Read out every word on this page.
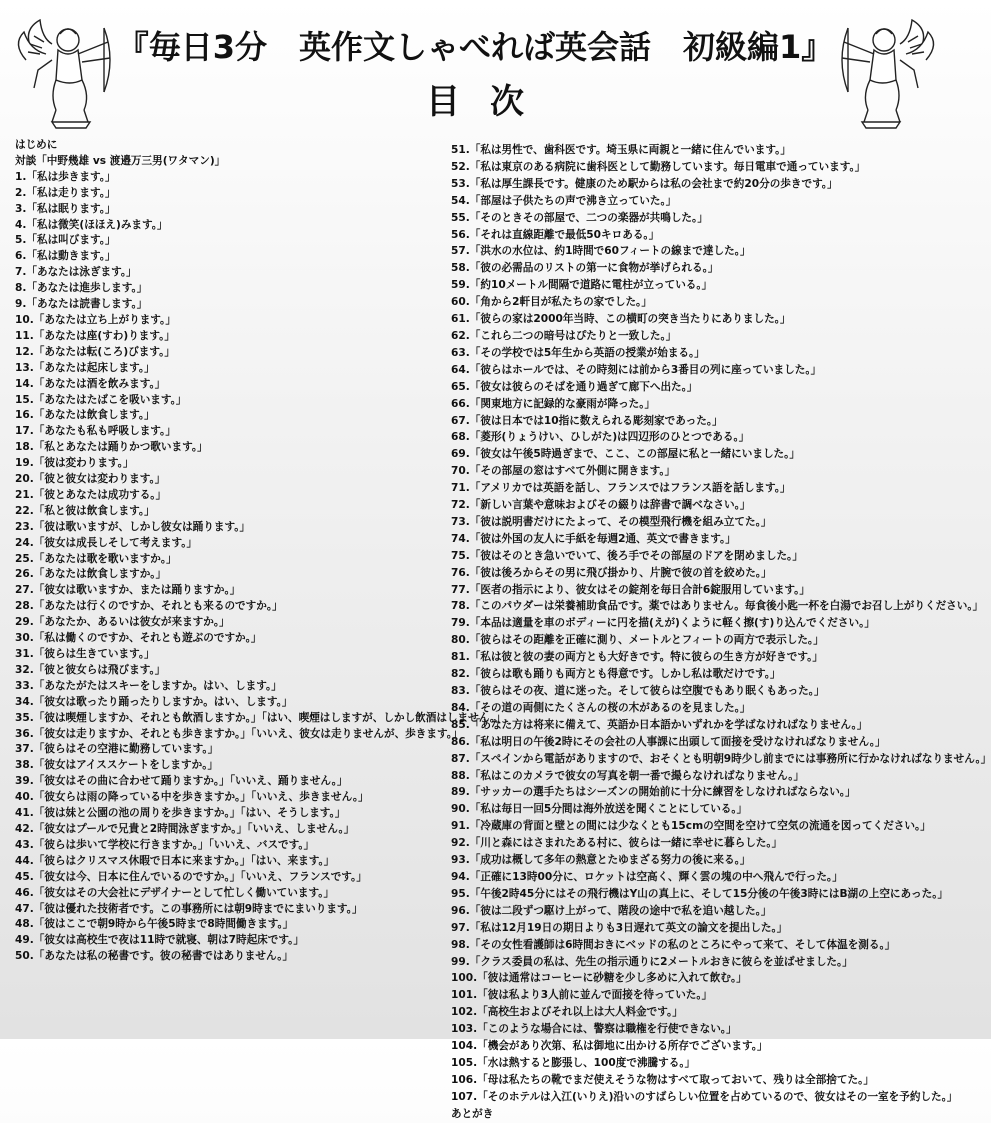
『毎日3分　英作文しゃべれば英会話　初級編1』
目次
はじめに
対談「中野幾雄 vs 渡邉万三男(ワタマン)」
1.「私は歩きます。」
2.「私は走ります。」
3.「私は眠ります。」
4.「私は微笑(ほほえ)みます。」
5.「私は叫びます。」
6.「私は動きます。」
7.「あなたは泳ぎます。」
8.「あなたは進歩します。」
9.「あなたは読書します。」
10.「あなたは立ち上がります。」
11.「あなたは座(すわ)ります。」
12.「あなたは転(ころ)びます。」
13.「あなたは起床します。」
14.「あなたは酒を飲みます。」
15.「あなたはたばこを吸います。」
16.「あなたは飲食します。」
17.「あなたも私も呼吸します。」
18.「私とあなたは踊りかつ歌います。」
19.「彼は変わります。」
20.「彼と彼女は変わります。」
21.「彼とあなたは成功する。」
22.「私と彼は飲食します。」
23.「彼は歌いますが、しかし彼女は踊ります。」
24.「彼女は成長しそして考えます。」
25.「あなたは歌を歌いますか。」
26.「あなたは飲食しますか。」
27.「彼女は歌いますか、または踊りますか。」
28.「あなたは行くのですか、それとも来るのですか。」
29.「あなたか、あるいは彼女が来ますか。」
30.「私は働くのですか、それとも遊ぶのですか。」
31.「彼らは生きています。」
32.「彼と彼女らは飛びます。」
33.「あなたがたはスキーをしますか。はい、します。」
34.「彼女は歌ったり踊ったりしますか。はい、します。」
35.「彼は喫煙しますか、それとも飲酒しますか。」「はい、喫煙はしますが、しかし飲酒はしません。」
36.「彼女は走りますか、それとも歩きますか。」「いいえ、彼女は走りませんが、歩きます。」
37.「彼らはその空港に勤務しています。」
38.「彼女はアイススケートをしますか。」
39.「彼女はその曲に合わせて踊りますか。」「いいえ、踊りません。」
40.「彼女らは雨の降っている中を歩きますか。」「いいえ、歩きません。」
41.「彼は妹と公園の池の周りを歩きますか。」「はい、そうします。」
42.「彼女はプールで兄貴と2時間泳ぎますか。」「いいえ、しません。」
43.「彼らは歩いて学校に行きますか。」「いいえ、バスです。」
44.「彼らはクリスマス休暇で日本に来ますか。」「はい、来ます。」
45.「彼女は今、日本に住んでいるのですか。」「いいえ、フランスです。」
46.「彼女はその大会社にデザイナーとして忙しく働いています。」
47.「彼は優れた技術者です。この事務所には朝9時までにまいります。」
48.「彼はここで朝9時から午後5時まで8時間働きます。」
49.「彼女は高校生で夜は11時で就寝、朝は7時起床です。」
50.「あなたは私の秘書です。彼の秘書ではありません。」
51.「私は男性で、歯科医です。埼玉県に両親と一緒に住んでいます。」
52.「私は東京のある病院に歯科医として勤務しています。毎日電車で通っています。」
53.「私は厚生課長です。健康のため駅からは私の会社まで約20分の歩きです。」
54.「部屋は子供たちの声で沸き立っていた。」
55.「そのときその部屋で、二つの楽器が共鳴した。」
56.「それは直線距離で最低50キロある。」
57.「洪水の水位は、約1時間で60フィートの線まで達した。」
58.「彼の必需品のリストの第一に食物が挙げられる。」
59.「約10メートル間隔で道路に電柱が立っている。」
60.「角から2軒目が私たちの家でした。」
61.「彼らの家は2000年当時、この横町の突き当たりにありました。」
62.「これら二つの暗号はぴたりと一致した。」
63.「その学校では5年生から英語の授業が始まる。」
64.「彼らはホールでは、その時刻には前から3番目の列に座っていました。」
65.「彼女は彼らのそばを通り過ぎて廊下へ出た。」
66.「関東地方に記録的な豪雨が降った。」
67.「彼は日本では10指に数えられる彫刻家であった。」
68.「菱形(りょうけい、ひしがた)は四辺形のひとつである。」
69.「彼女は午後5時過ぎまで、ここ、この部屋に私と一緒にいました。」
70.「その部屋の窓はすべて外側に開きます。」
71.「アメリカでは英語を話し、フランスではフランス語を話します。」
72.「新しい言葉や意味およびその綴りは辞書で調べなさい。」
73.「彼は説明書だけにたよって、その模型飛行機を組み立てた。」
74.「彼は外国の友人に手紙を毎週2通、英文で書きます。」
75.「彼はそのとき急いでいて、後ろ手でその部屋のドアを閉めました。」
76.「彼は後ろからその男に飛び掛かり、片腕で彼の首を絞めた。」
77.「医者の指示により、彼女はその錠剤を毎日合計6錠服用しています。」
78.「このパウダーは栄養補助食品です。薬ではありません。毎食後小匙一杯を白湯でお召し上がりください。」
79.「本品は適量を車のボディーに円を描(えが)くように軽く擦(す)り込んでください。」
80.「彼らはその距離を正確に測り、メートルとフィートの両方で表示した。」
81.「私は彼と彼の妻の両方とも大好きです。特に彼らの生き方が好きです。」
82.「彼らは歌も踊りも両方とも得意です。しかし私は歌だけです。」
83.「彼らはその夜、道に迷った。そして彼らは空腹でもあり眠くもあった。」
84.「その道の両側にたくさんの桜の木があるのを見ました。」
85.「あなた方は将来に備えて、英語か日本語かいずれかを学ばなければなりません。」
86.「私は明日の午後2時にその会社の人事課に出頭して面接を受けなければなりません。」
87.「スペインから電話がありますので、おそくとも明朝9時少し前までには事務所に行かなければなりません。」
88.「私はこのカメラで彼女の写真を朝一番で撮らなければなりません。」
89.「サッカーの選手たちはシーズンの開始前に十分に練習をしなければならない。」
90.「私は毎日一回5分間は海外放送を聞くことにしている。」
91.「冷蔵庫の背面と壁との間には少なくとも15cmの空間を空けて空気の流通を図ってください。」
92.「川と森にはさまれたある村に、彼らは一緒に幸せに暮らした。」
93.「成功は概して多年の熱意とたゆまざる努力の後に来る。」
94.「正確に13時00分に、ロケットは空高く、輝く雲の塊の中へ飛んで行った。」
95.「午後2時45分にはその飛行機はY山の真上に、そして15分後の午後3時にはB湖の上空にあった。」
96.「彼は二段ずつ駆け上がって、階段の途中で私を追い越した。」
97.「私は12月19日の期日よりも3日遅れて英文の論文を提出した。」
98.「その女性看護師は6時間おきにベッドの私のところにやって来て、そして体温を測る。」
99.「クラス委員の私は、先生の指示通りに2メートルおきに彼らを並ばせました。」
100.「彼は通常はコーヒーに砂糖を少し多めに入れて飲む。」
101.「彼は私より3人前に並んで面接を待っていた。」
102.「高校生およびそれ以上は大人料金です。」
103.「このような場合には、警察は職権を行使できない。」
104.「機会があり次第、私は御地に出かける所存でございます。」
105.「水は熱すると膨張し、100度で沸騰する。」
106.「母は私たちの靴でまだ使えそうな物はすべて取っておいて、残りは全部捨てた。」
107.「そのホテルは入江(いりえ)沿いのすばらしい位置を占めているので、彼女はその一室を予約した。」
あとがき
